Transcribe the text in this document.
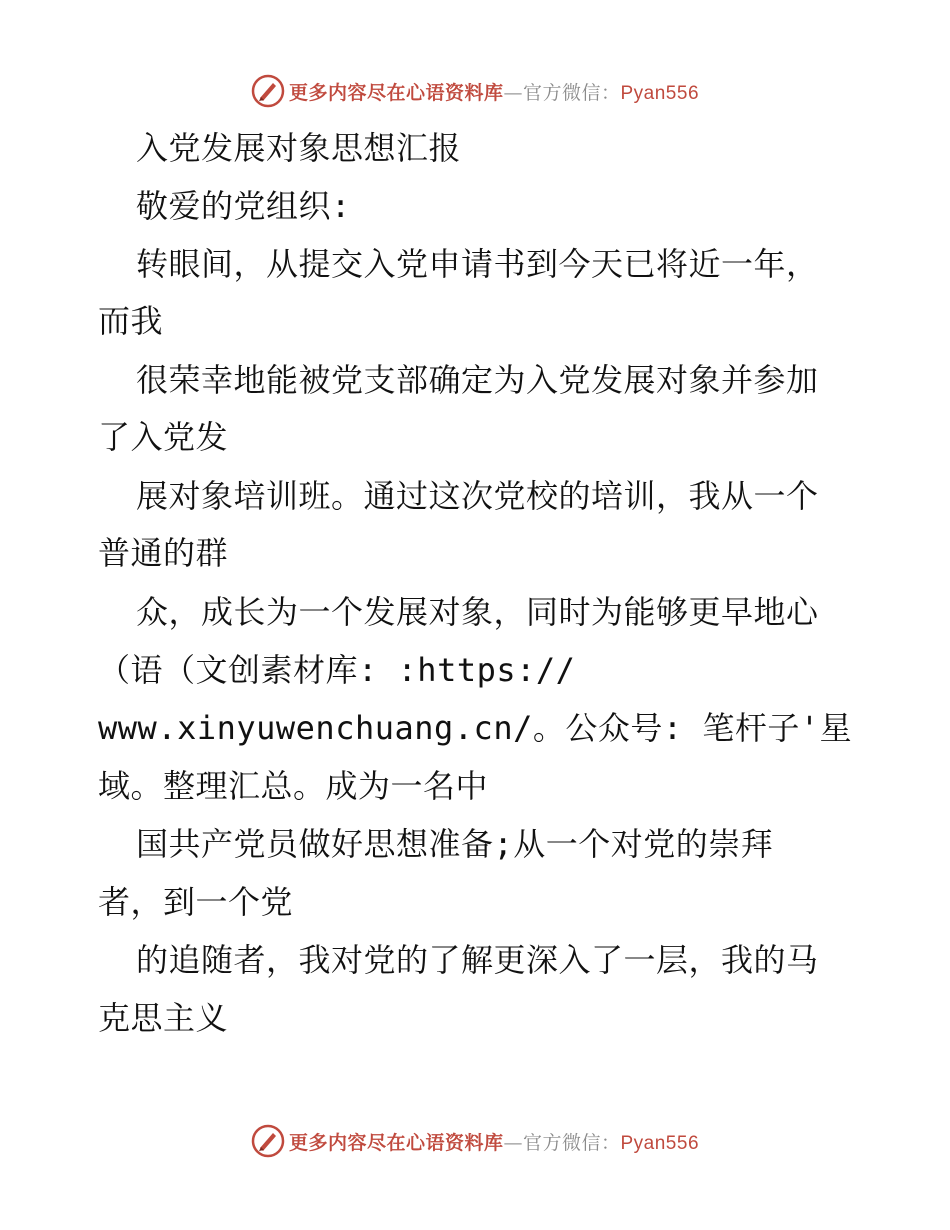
更多内容尽在心语资料库—官方微信：Pyan556
入党发展对象思想汇报
敬爱的党组织:
转眼间，从提交入党申请书到今天已将近一年，
而我
很荣幸地能被党支部确定为入党发展对象并参加
了入党发
展对象培训班。通过这次党校的培训，我从一个
普通的群
众，成长为一个发展对象，同时为能够更早地心
（语（文创素材库: :https://
www.xinyuwenchuang.cn/。公众号: 笔杆子'星
域。整理汇总。成为一名中
国共产党员做好思想准备;从一个对党的崇拜
者，到一个党
的追随者，我对党的了解更深入了一层，我的马
克思主义
更多内容尽在心语资料库—官方微信：Pyan556
